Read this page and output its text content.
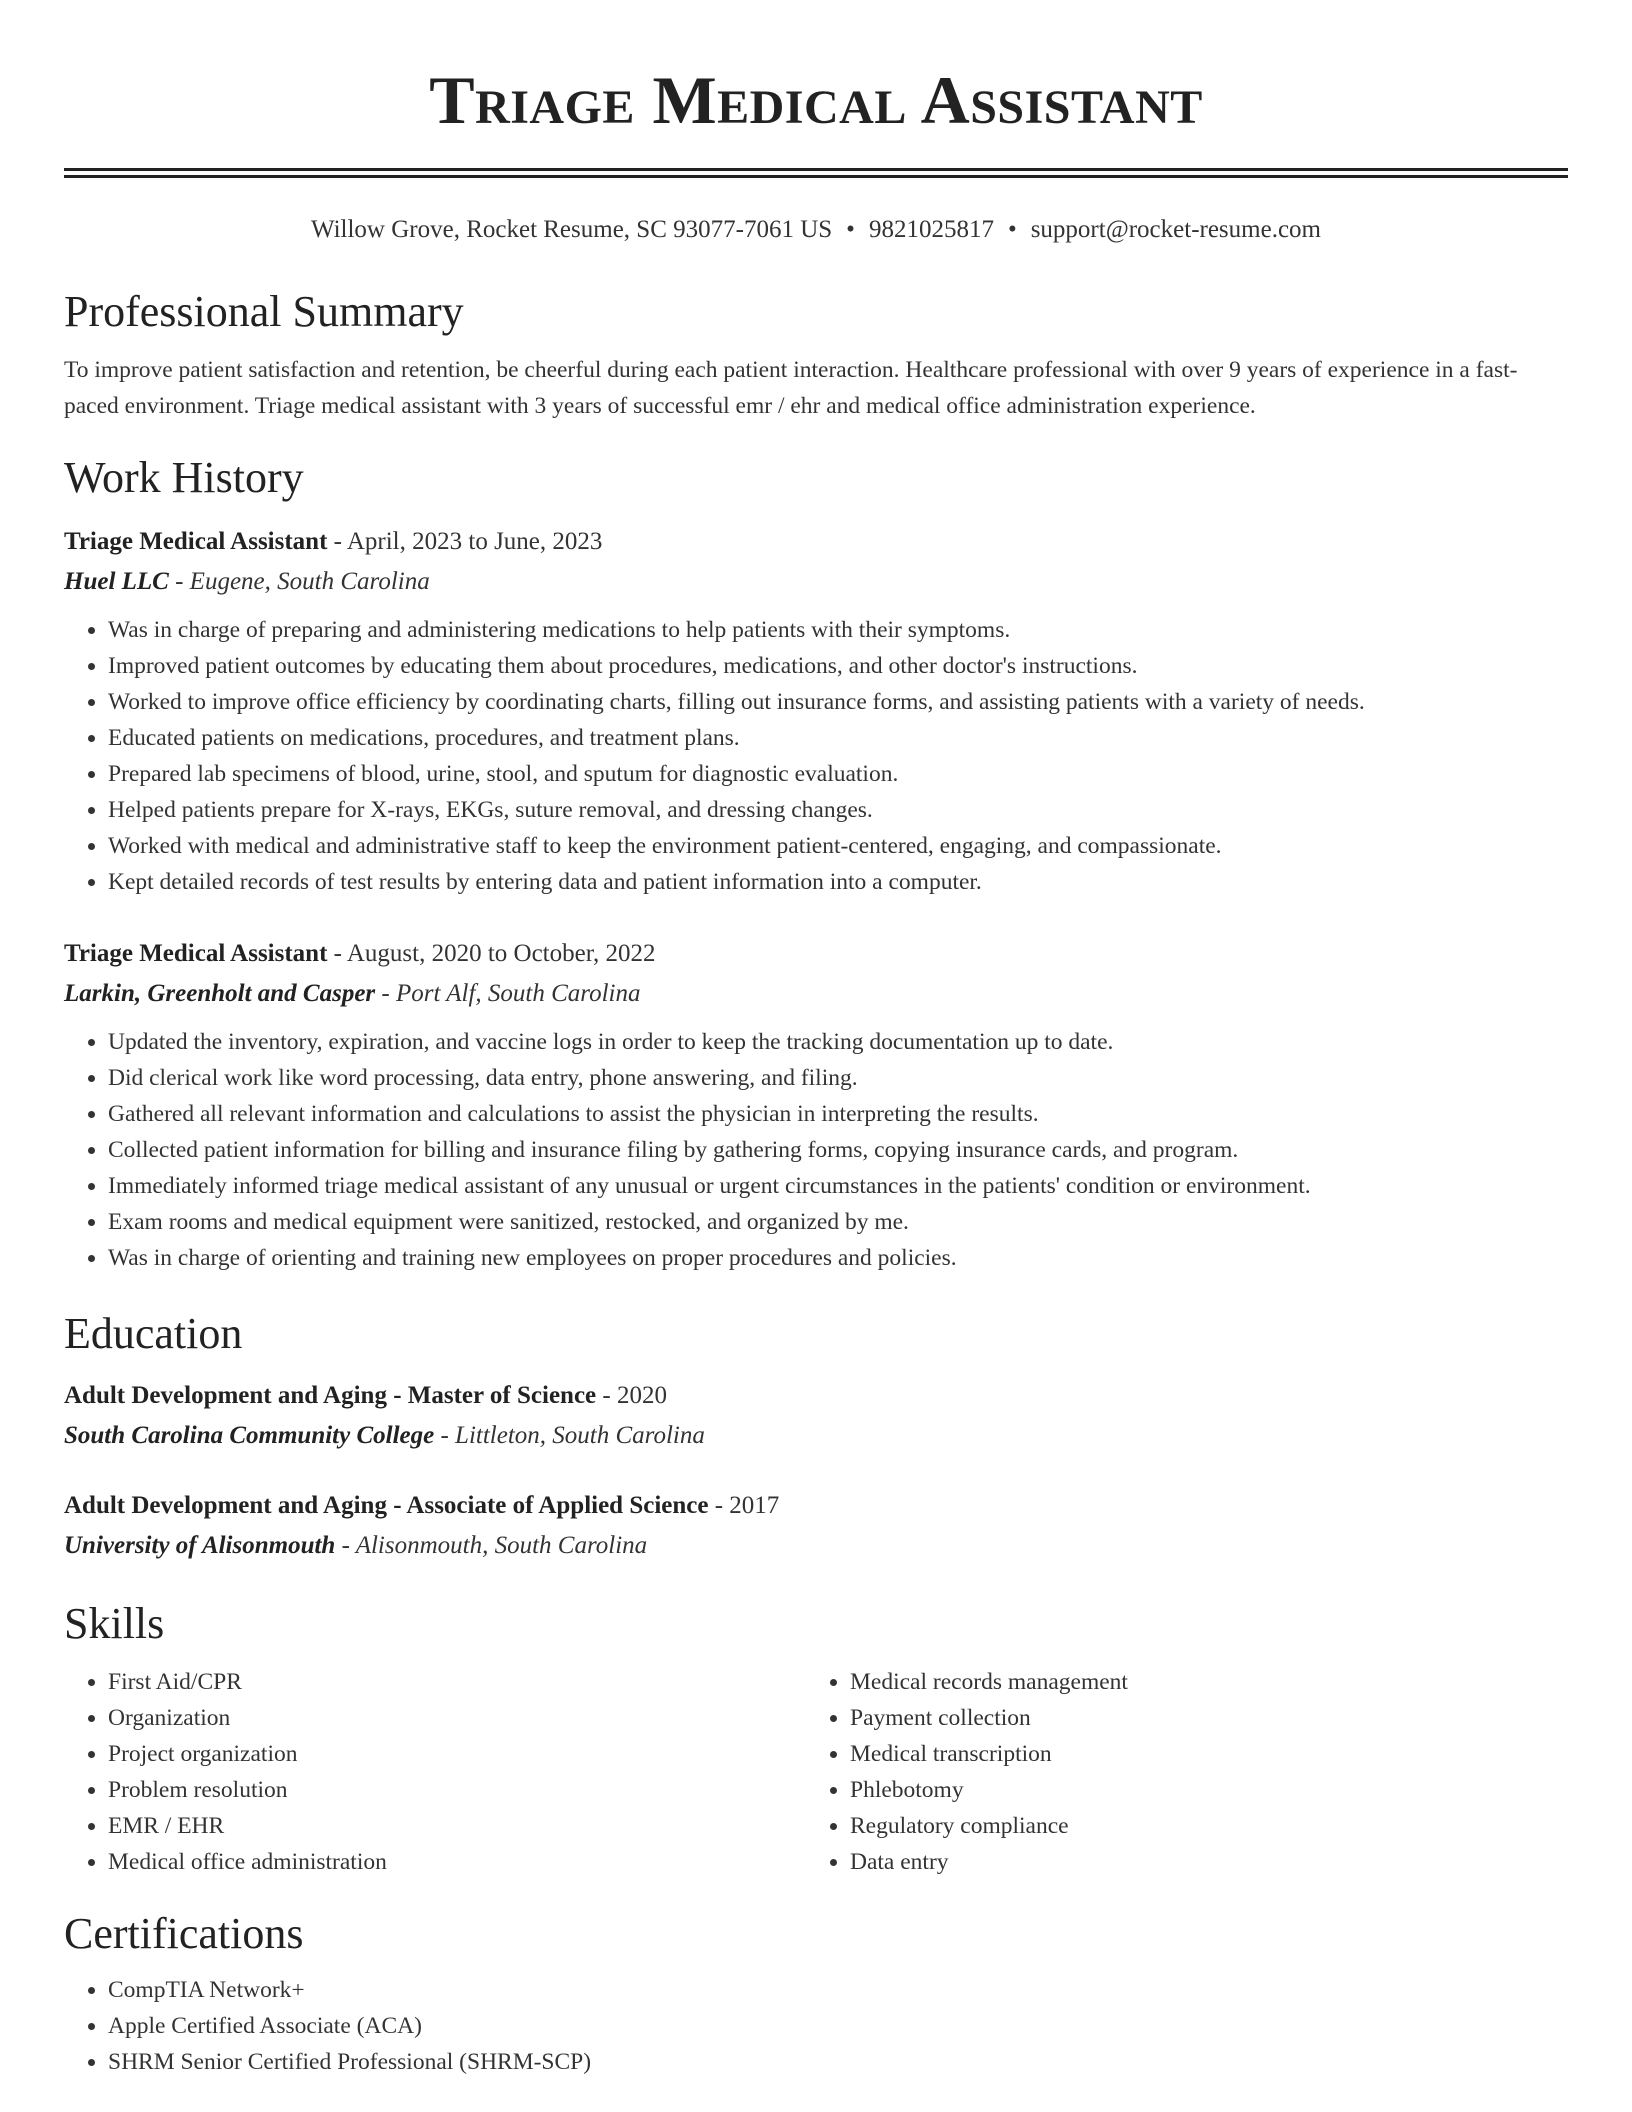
Triage Medical Assistant
Willow Grove, Rocket Resume, SC 93077-7061 US • 9821025817 • support@rocket-resume.com
Professional Summary

To improve patient satisfaction and retention, be cheerful during each patient interaction. Healthcare professional with over 9 years of experience in a fast-paced environment. Triage medical assistant with 3 years of successful emr / ehr and medical office administration experience.

Work History
Triage Medical Assistant - April, 2023 to June, 2023
Huel LLC - Eugene, South Carolina
• Was in charge of preparing and administering medications to help patients with their symptoms.
• Improved patient outcomes by educating them about procedures, medications, and other doctor's instructions.
• Worked to improve office efficiency by coordinating charts, filling out insurance forms, and assisting patients with a variety of needs.
• Educated patients on medications, procedures, and treatment plans.
• Prepared lab specimens of blood, urine, stool, and sputum for diagnostic evaluation.
• Helped patients prepare for X-rays, EKGs, suture removal, and dressing changes.
• Worked with medical and administrative staff to keep the environment patient-centered, engaging, and compassionate.
• Kept detailed records of test results by entering data and patient information into a computer.
Triage Medical Assistant - August, 2020 to October, 2022
Larkin, Greenholt and Casper - Port Alf, South Carolina
• Updated the inventory, expiration, and vaccine logs in order to keep the tracking documentation up to date.
• Did clerical work like word processing, data entry, phone answering, and filing.
• Gathered all relevant information and calculations to assist the physician in interpreting the results.
• Collected patient information for billing and insurance filing by gathering forms, copying insurance cards, and program.
• Immediately informed triage medical assistant of any unusual or urgent circumstances in the patients' condition or environment.
• Exam rooms and medical equipment were sanitized, restocked, and organized by me.
• Was in charge of orienting and training new employees on proper procedures and policies.
Education
Adult Development and Aging - Master of Science - 2020
South Carolina Community College - Littleton, South Carolina
Adult Development and Aging - Associate of Applied Science - 2017
University of Alisonmouth - Alisonmouth, South Carolina
Skills
• First Aid/CPR
• Organization
• Project organization
• Problem resolution
• EMR / EHR
• Medical office administration
• Medical records management
• Payment collection
• Medical transcription
• Phlebotomy
• Regulatory compliance
• Data entry
Certifications
• CompTIA Network+
• Apple Certified Associate (ACA)
• SHRM Senior Certified Professional (SHRM-SCP)
